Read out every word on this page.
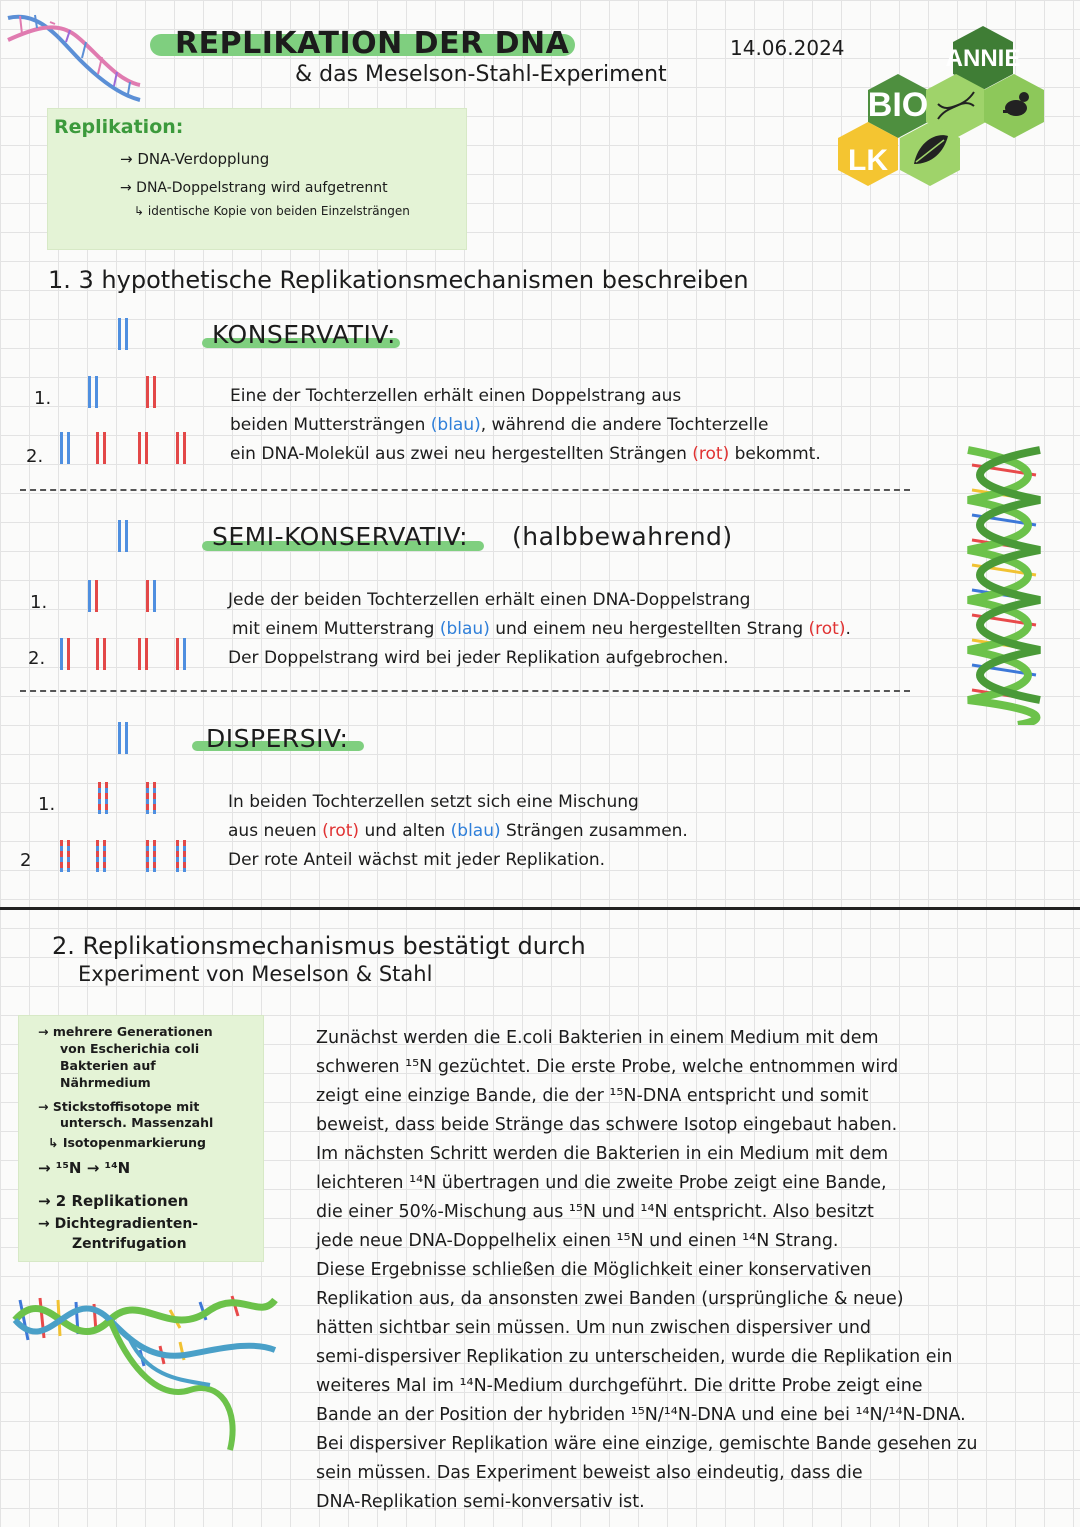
REPLIKATION DER DNA
& das Meselson-Stahl-Experiment
14.06.2024	ANNIE
BIO
LK
Replikation:
→ DNA-Verdopplung
→ DNA-Doppelstrang wird aufgetrennt
↳ identische Kopie von beiden Einzelsträngen
1. 3 hypothetische Replikationsmechanismen beschreiben
KONSERVATIV:
1.
2.
Eine der Tochterzellen erhält einen Doppelstrang aus
beiden Muttersträngen (blau), während die andere Tochterzelle
ein DNA-Molekül aus zwei neu hergestellten Strängen (rot) bekommt.
SEMI-KONSERVATIV: (halbbewahrend)
1.
2.
Jede der beiden Tochterzellen erhält einen DNA-Doppelstrang
mit einem Mutterstrang (blau) und einem neu hergestellten Strang (rot).
Der Doppelstrang wird bei jeder Replikation aufgebrochen.
DISPERSIV:
1.
2
In beiden Tochterzellen setzt sich eine Mischung
aus neuen (rot) und alten (blau) Strängen zusammen.
Der rote Anteil wächst mit jeder Replikation.
2. Replikationsmechanismus bestätigt durch
Experiment von Meselson & Stahl
→ mehrere Generationen
von Escherichia coli
Bakterien auf
Nährmedium
→ Stickstoffisotope mit
untersch. Massenzahl
↳ Isotopenmarkierung
→ ¹⁵N → ¹⁴N
→ 2 Replikationen
→ Dichtegradienten-
Zentrifugation
Zunächst werden die E.coli Bakterien in einem Medium mit dem
schweren ¹⁵N gezüchtet. Die erste Probe, welche entnommen wird
zeigt eine einzige Bande, die der ¹⁵N-DNA entspricht und somit
beweist, dass beide Stränge das schwere Isotop eingebaut haben.
Im nächsten Schritt werden die Bakterien in ein Medium mit dem
leichteren ¹⁴N übertragen und die zweite Probe zeigt eine Bande,
die einer 50%-Mischung aus ¹⁵N und ¹⁴N entspricht. Also besitzt
jede neue DNA-Doppelhelix einen ¹⁵N und einen ¹⁴N Strang.
Diese Ergebnisse schließen die Möglichkeit einer konservativen
Replikation aus, da ansonsten zwei Banden (ursprüngliche & neue)
hätten sichtbar sein müssen. Um nun zwischen dispersiver und
semi-dispersiver Replikation zu unterscheiden, wurde die Replikation ein
weiteres Mal im ¹⁴N-Medium durchgeführt. Die dritte Probe zeigt eine
Bande an der Position der hybriden ¹⁵N/¹⁴N-DNA und eine bei ¹⁴N/¹⁴N-DNA.
Bei dispersiver Replikation wäre eine einzige, gemischte Bande gesehen zu
sein müssen. Das Experiment beweist also eindeutig, dass die
DNA-Replikation semi-konversativ ist.
